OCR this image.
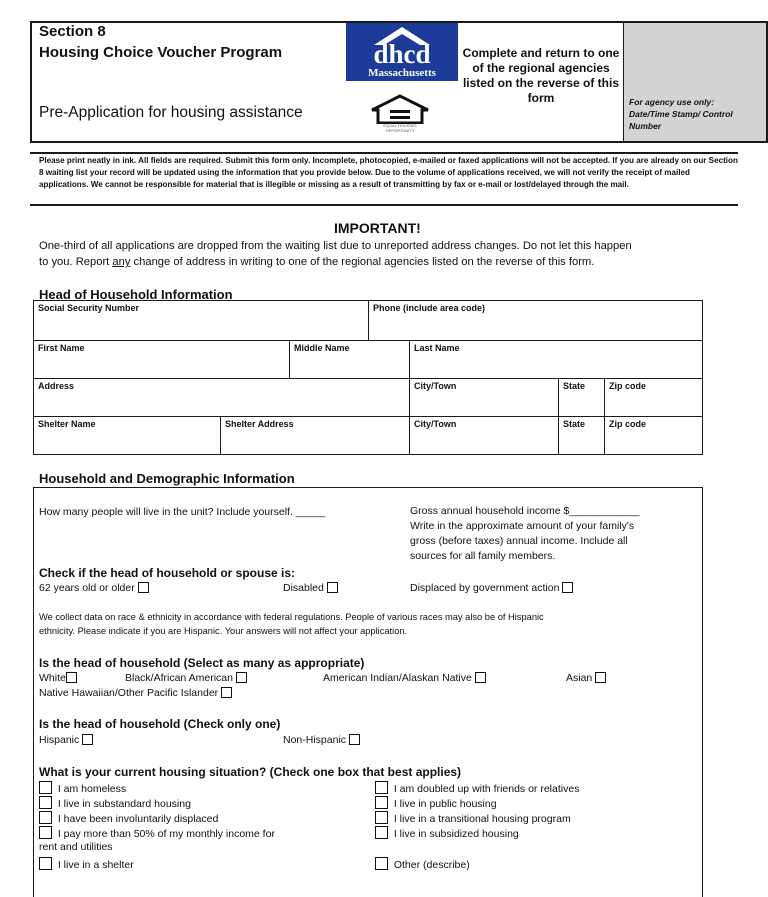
Section 8
Housing Choice Voucher Program
Pre-Application for housing assistance
dhcd
Massachusetts
EQUAL HOUSING OPPORTUNITY
Complete and return to one of the regional agencies listed on the reverse of this form	For agency use only: Date/Time Stamp/ Control Number
Please print neatly in ink. All fields are required. Submit this form only. Incomplete, photocopied, e-mailed or faxed applications will not be accepted. If you are already on our Section 8 waiting list your record will be updated using the information that you provide below. Due to the volume of applications received, we will not verify the receipt of mailed applications. We cannot be responsible for material that is illegible or missing as a result of transmitting by fax or e-mail or lost/delayed through the mail.
IMPORTANT!
One-third of all applications are dropped from the waiting list due to unreported address changes. Do not let this happen
to you. Report any change of address in writing to one of the regional agencies listed on the reverse of this form.
Head of Household Information
Social Security Number	Phone (include area code)
First Name	Middle Name	Last Name
Address	City/Town	State	Zip code
Shelter Name	Shelter Address	City/Town	State	Zip code
Household and Demographic Information
How many people will live in the unit? Include yourself. _____	Gross annual household income $____________
Write in the approximate amount of your family's
gross (before taxes) annual income. Include all
sources for all family members.
Check if the head of household or spouse is:
62 years old or older	Disabled	Displaced by government action
We collect data on race & ethnicity in accordance with federal regulations. People of various races may also be of Hispanic
ethnicity. Please indicate if you are Hispanic. Your answers will not affect your application.
Is the head of household (Select as many as appropriate)
White	Black/African American	American Indian/Alaskan Native	Asian
Native Hawaiian/Other Pacific Islander
Is the head of household (Check only one)
Hispanic	Non-Hispanic
What is your current housing situation? (Check one box that best applies)
I am homeless
I live in substandard housing
I have been involuntarily displaced
I pay more than 50% of my monthly income for
rent and utilities
I live in a shelter
I am doubled up with friends or relatives
I live in public housing
I live in a transitional housing program
I live in subsidized housing
Other (describe)
